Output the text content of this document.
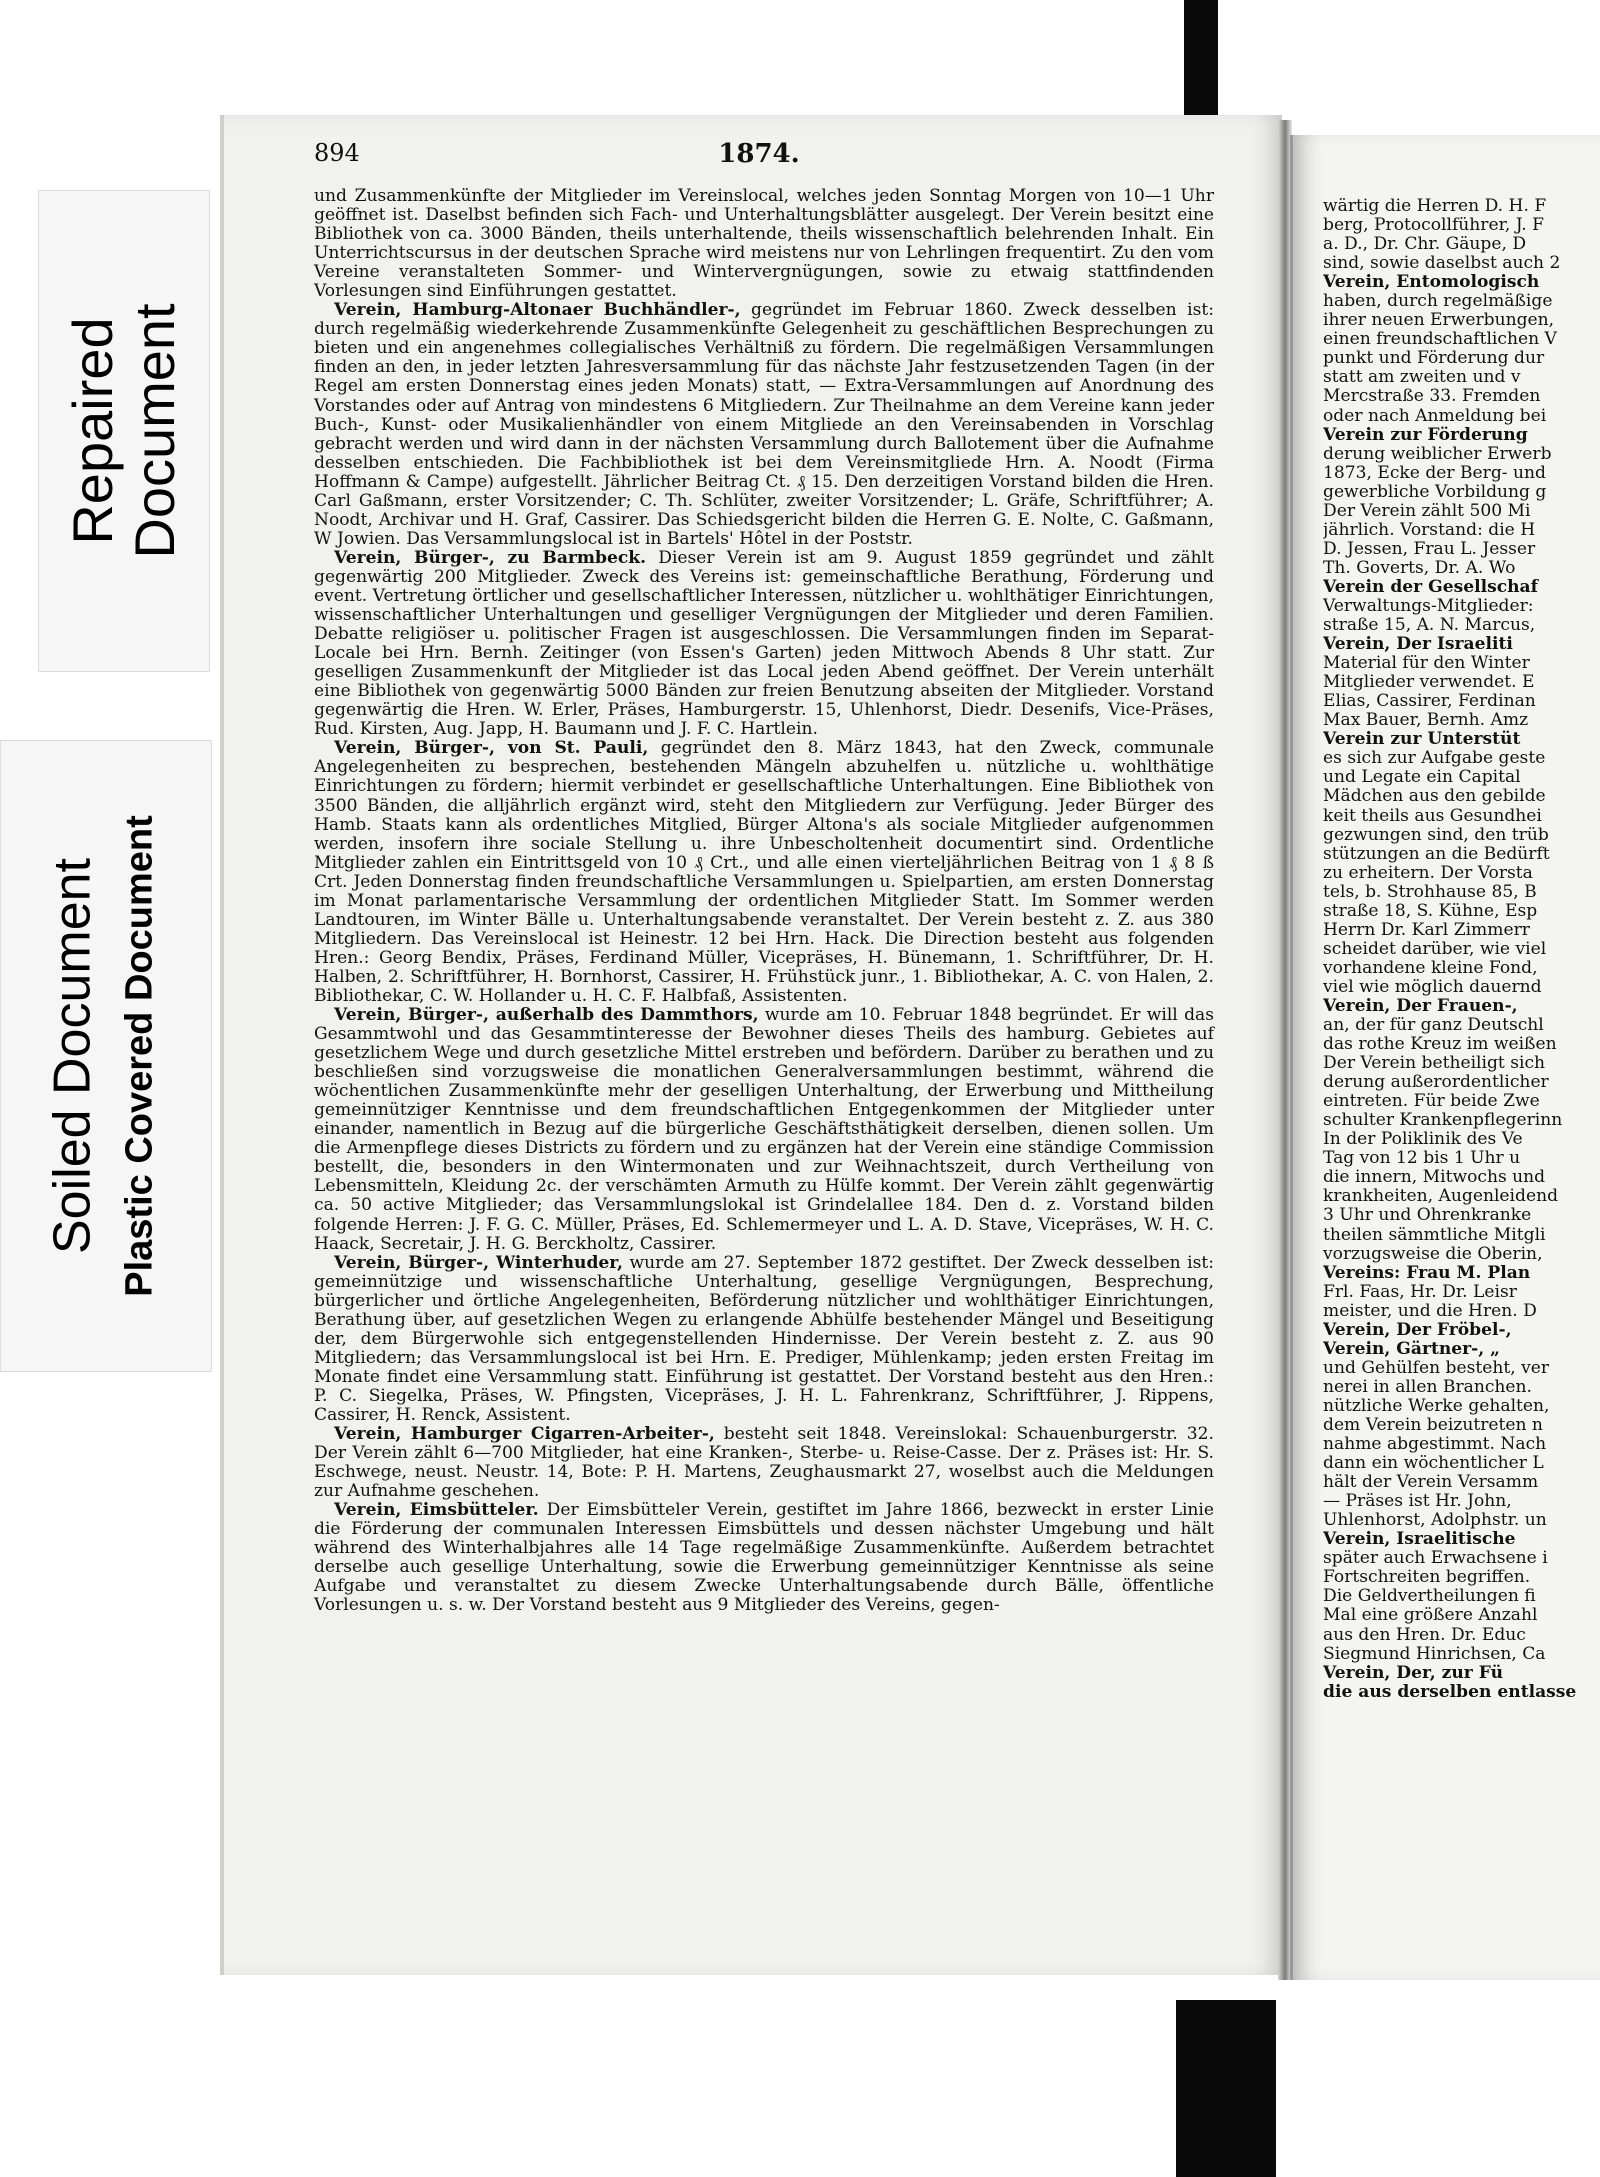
Repaired Document
Soiled Document Plastic Covered Document
894	1874.

und Zusammenkünfte der Mitglieder im Vereinslocal, welches jeden Sonntag Morgen von 10—1 Uhr geöffnet ist. Daselbst befinden sich Fach- und Unterhaltungsblätter ausgelegt. Der Verein besitzt eine Bibliothek von ca. 3000 Bänden, theils unterhaltende, theils wissenschaftlich belehrenden Inhalt. Ein Unterrichtscursus in der deutschen Sprache wird meistens nur von Lehrlingen frequentirt. Zu den vom Vereine veranstalteten Sommer- und Wintervergnügungen, sowie zu etwaig stattfindenden Vorlesungen sind Einführungen gestattet.

Verein, Hamburg-Altonaer Buchhändler-, gegründet im Februar 1860. Zweck desselben ist: durch regelmäßig wiederkehrende Zusammenkünfte Gelegenheit zu geschäftlichen Besprechungen zu bieten und ein angenehmes collegialisches Verhältniß zu fördern. Die regelmäßigen Versammlungen finden an den, in jeder letzten Jahresversammlung für das nächste Jahr festzusetzenden Tagen (in der Regel am ersten Donnerstag eines jeden Monats) statt, — Extra-Versammlungen auf Anordnung des Vorstandes oder auf Antrag von mindestens 6 Mitgliedern. Zur Theilnahme an dem Vereine kann jeder Buch-, Kunst- oder Musikalienhändler von einem Mitgliede an den Vereinsabenden in Vorschlag gebracht werden und wird dann in der nächsten Versammlung durch Ballotement über die Aufnahme desselben entschieden. Die Fachbibliothek ist bei dem Vereinsmitgliede Hrn. A. Noodt (Firma Hoffmann & Campe) aufgestellt. Jährlicher Beitrag Ct. ₰ 15. Den derzeitigen Vorstand bilden die Hren. Carl Gaßmann, erster Vorsitzender; C. Th. Schlüter, zweiter Vorsitzender; L. Gräfe, Schriftführer; A. Noodt, Archivar und H. Graf, Cassirer. Das Schiedsgericht bilden die Herren G. E. Nolte, C. Gaßmann, W Jowien. Das Versammlungslocal ist in Bartels' Hôtel in der Poststr.

Verein, Bürger-, zu Barmbeck. Dieser Verein ist am 9. August 1859 gegründet und zählt gegenwärtig 200 Mitglieder. Zweck des Vereins ist: gemeinschaftliche Berathung, Förderung und event. Vertretung örtlicher und gesellschaftlicher Interessen, nützlicher u. wohlthätiger Einrichtungen, wissenschaftlicher Unterhaltungen und geselliger Vergnügungen der Mitglieder und deren Familien. Debatte religiöser u. politischer Fragen ist ausgeschlossen. Die Versammlungen finden im Separat-Locale bei Hrn. Bernh. Zeitinger (von Essen's Garten) jeden Mittwoch Abends 8 Uhr statt. Zur geselligen Zusammenkunft der Mitglieder ist das Local jeden Abend geöffnet. Der Verein unterhält eine Bibliothek von gegenwärtig 5000 Bänden zur freien Benutzung abseiten der Mitglieder. Vorstand gegenwärtig die Hren. W. Erler, Präses, Hamburgerstr. 15, Uhlenhorst, Diedr. Desenifs, Vice-Präses, Rud. Kirsten, Aug. Japp, H. Baumann und J. F. C. Hartlein.

Verein, Bürger-, von St. Pauli, gegründet den 8. März 1843, hat den Zweck, communale Angelegenheiten zu besprechen, bestehenden Mängeln abzuhelfen u. nützliche u. wohlthätige Einrichtungen zu fördern; hiermit verbindet er gesellschaftliche Unterhaltungen. Eine Bibliothek von 3500 Bänden, die alljährlich ergänzt wird, steht den Mitgliedern zur Verfügung. Jeder Bürger des Hamb. Staats kann als ordentliches Mitglied, Bürger Altona's als sociale Mitglieder aufgenommen werden, insofern ihre sociale Stellung u. ihre Unbescholtenheit documentirt sind. Ordentliche Mitglieder zahlen ein Eintrittsgeld von 10 ₰ Crt., und alle einen vierteljährlichen Beitrag von 1 ₰ 8 ß Crt. Jeden Donnerstag finden freundschaftliche Versammlungen u. Spielpartien, am ersten Donnerstag im Monat parlamentarische Versammlung der ordentlichen Mitglieder Statt. Im Sommer werden Landtouren, im Winter Bälle u. Unterhaltungsabende veranstaltet. Der Verein besteht z. Z. aus 380 Mitgliedern. Das Vereinslocal ist Heinestr. 12 bei Hrn. Hack. Die Direction besteht aus folgenden Hren.: Georg Bendix, Präses, Ferdinand Müller, Vicepräses, H. Bünemann, 1. Schriftführer, Dr. H. Halben, 2. Schriftführer, H. Bornhorst, Cassirer, H. Frühstück junr., 1. Bibliothekar, A. C. von Halen, 2. Bibliothekar, C. W. Hollander u. H. C. F. Halbfaß, Assistenten.

Verein, Bürger-, außerhalb des Dammthors, wurde am 10. Februar 1848 begründet. Er will das Gesammtwohl und das Gesammtinteresse der Bewohner dieses Theils des hamburg. Gebietes auf gesetzlichem Wege und durch gesetzliche Mittel erstreben und befördern. Darüber zu berathen und zu beschließen sind vorzugsweise die monatlichen Generalversammlungen bestimmt, während die wöchentlichen Zusammenkünfte mehr der geselligen Unterhaltung, der Erwerbung und Mittheilung gemeinnütziger Kenntnisse und dem freundschaftlichen Entgegenkommen der Mitglieder unter einander, namentlich in Bezug auf die bürgerliche Geschäftsthätigkeit derselben, dienen sollen. Um die Armenpflege dieses Districts zu fördern und zu ergänzen hat der Verein eine ständige Commission bestellt, die, besonders in den Wintermonaten und zur Weihnachtszeit, durch Vertheilung von Lebensmitteln, Kleidung 2c. der verschämten Armuth zu Hülfe kommt. Der Verein zählt gegenwärtig ca. 50 active Mitglieder; das Versammlungslokal ist Grindelallee 184. Den d. z. Vorstand bilden folgende Herren: J. F. G. C. Müller, Präses, Ed. Schlemermeyer und L. A. D. Stave, Vicepräses, W. H. C. Haack, Secretair, J. H. G. Berckholtz, Cassirer.

Verein, Bürger-, Winterhuder, wurde am 27. September 1872 gestiftet. Der Zweck desselben ist: gemeinnützige und wissenschaftliche Unterhaltung, gesellige Vergnügungen, Besprechung, bürgerlicher und örtliche Angelegenheiten, Beförderung nützlicher und wohlthätiger Einrichtungen, Berathung über, auf gesetzlichen Wegen zu erlangende Abhülfe bestehender Mängel und Beseitigung der, dem Bürgerwohle sich entgegenstellenden Hindernisse. Der Verein besteht z. Z. aus 90 Mitgliedern; das Versammlungslocal ist bei Hrn. E. Prediger, Mühlenkamp; jeden ersten Freitag im Monate findet eine Versammlung statt. Einführung ist gestattet. Der Vorstand besteht aus den Hren.: P. C. Siegelka, Präses, W. Pfingsten, Vicepräses, J. H. L. Fahrenkranz, Schriftführer, J. Rippens, Cassirer, H. Renck, Assistent.

Verein, Hamburger Cigarren-Arbeiter-, besteht seit 1848. Vereinslokal: Schauenburgerstr. 32. Der Verein zählt 6—700 Mitglieder, hat eine Kranken-, Sterbe- u. Reise-Casse. Der z. Präses ist: Hr. S. Eschwege, neust. Neustr. 14, Bote: P. H. Martens, Zeughausmarkt 27, woselbst auch die Meldungen zur Aufnahme geschehen.

Verein, Eimsbütteler. Der Eimsbütteler Verein, gestiftet im Jahre 1866, bezweckt in erster Linie die Förderung der communalen Interessen Eimsbüttels und dessen nächster Umgebung und hält während des Winterhalbjahres alle 14 Tage regelmäßige Zusammenkünfte. Außerdem betrachtet derselbe auch gesellige Unterhaltung, sowie die Erwerbung gemeinnütziger Kenntnisse als seine Aufgabe und veranstaltet zu diesem Zwecke Unterhaltungsabende durch Bälle, öffentliche Vorlesungen u. s. w. Der Vorstand besteht aus 9 Mitglieder des Vereins, gegen-

wärtig die Herren D. H. F
berg, Protocollführer, J. F
a. D., Dr. Chr. Gäupe, D
sind, sowie daselbst auch 2
Verein, Entomologisch
haben, durch regelmäßige
ihrer neuen Erwerbungen,
einen freundschaftlichen V
punkt und Förderung dur
statt am zweiten und v
Mercstraße 33. Fremden
oder nach Anmeldung bei
Verein zur Förderung
derung weiblicher Erwerb
1873, Ecke der Berg- und
gewerbliche Vorbildung g
Der Verein zählt 500 Mi
jährlich. Vorstand: die H
D. Jessen, Frau L. Jesser
Th. Goverts, Dr. A. Wo
Verein der Gesellschaf
Verwaltungs-Mitglieder:
straße 15, A. N. Marcus,
Verein, Der Israeliti
Material für den Winter
Mitglieder verwendet. E
Elias, Cassirer, Ferdinan
Max Bauer, Bernh. Amz
Verein zur Unterstüt
es sich zur Aufgabe geste
und Legate ein Capital
Mädchen aus den gebilde
keit theils aus Gesundhei
gezwungen sind, den trüb
stützungen an die Bedürft
zu erheitern. Der Vorsta
tels, b. Strohhause 85, B
straße 18, S. Kühne, Esp
Herrn Dr. Karl Zimmerr
scheidet darüber, wie viel
vorhandene kleine Fond,
viel wie möglich dauernd
Verein, Der Frauen-,
an, der für ganz Deutschl
das rothe Kreuz im weißen
Der Verein betheiligt sich
derung außerordentlicher
eintreten. Für beide Zwe
schulter Krankenpflegerinn
In der Poliklinik des Ve
Tag von 12 bis 1 Uhr u
die innern, Mitwochs und
krankheiten, Augenleidend
3 Uhr und Ohrenkranke
theilen sämmtliche Mitgli
vorzugsweise die Oberin,
Vereins: Frau M. Plan
Frl. Faas, Hr. Dr. Leisr
meister, und die Hren. D
Verein, Der Fröbel-,
Verein, Gärtner-, „
und Gehülfen besteht, ver
nerei in allen Branchen.
nützliche Werke gehalten,
dem Verein beizutreten n
nahme abgestimmt. Nach
dann ein wöchentlicher L
hält der Verein Versamm
— Präses ist Hr. John,
Uhlenhorst, Adolphstr. un
Verein, Israelitische
später auch Erwachsene i
Fortschreiten begriffen.
Die Geldvertheilungen fi
Mal eine größere Anzahl
aus den Hren. Dr. Educ
Siegmund Hinrichsen, Ca
Verein, Der, zur Fü
die aus derselben entlasse
